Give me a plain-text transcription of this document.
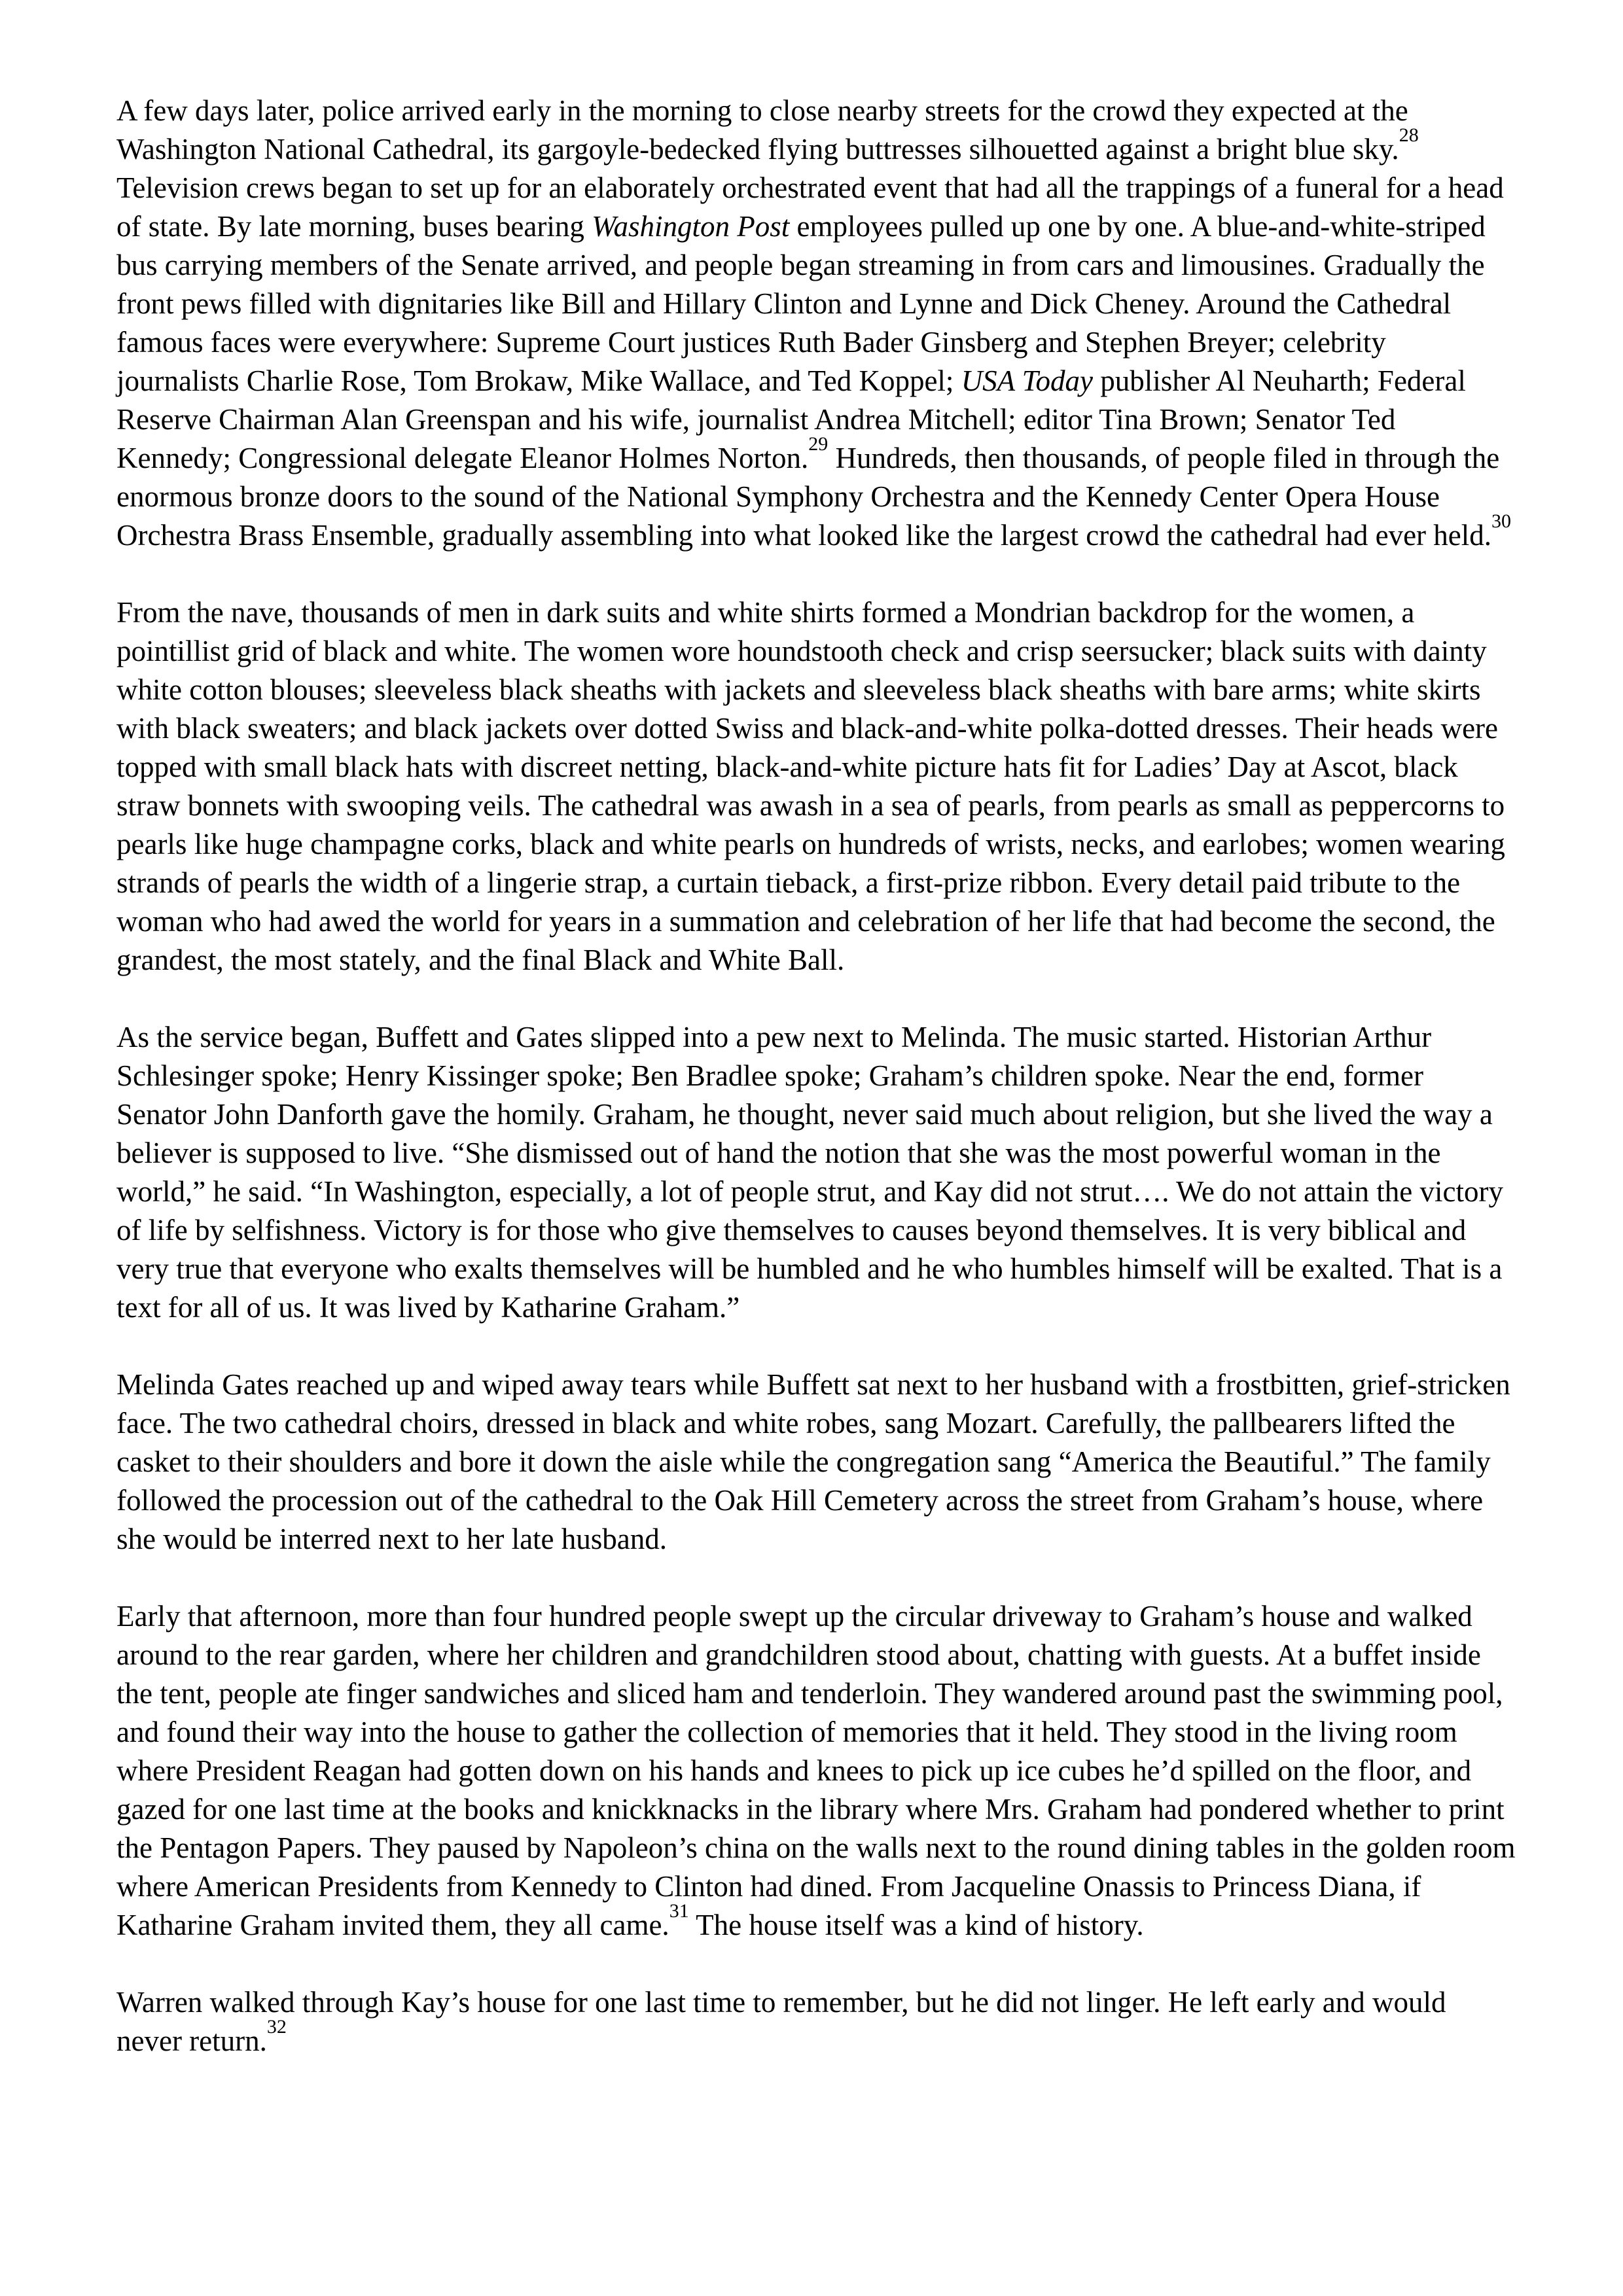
A few days later, police arrived early in the morning to close nearby streets for the crowd they expected at the Washington National Cathedral, its gargoyle-bedecked flying buttresses silhouetted against a bright blue sky.$^{28}$ Television crews began to set up for an elaborately orchestrated event that had all the trappings of a funeral for a head of state. By late morning, buses bearing Washington Post employees pulled up one by one. A blue-and-white-striped bus carrying members of the Senate arrived, and people began streaming in from cars and limousines. Gradually the front pews filled with dignitaries like Bill and Hillary Clinton and Lynne and Dick Cheney. Around the Cathedral famous faces were everywhere: Supreme Court justices Ruth Bader Ginsberg and Stephen Breyer; celebrity journalists Charlie Rose, Tom Brokaw, Mike Wallace, and Ted Koppel; USA Today publisher Al Neuharth; Federal Reserve Chairman Alan Greenspan and his wife, journalist Andrea Mitchell; editor Tina Brown; Senator Ted Kennedy; Congressional delegate Eleanor Holmes Norton.$^{29}$ Hundreds, then thousands, of people filed in through the enormous bronze doors to the sound of the National Symphony Orchestra and the Kennedy Center Opera House Orchestra Brass Ensemble, gradually assembling into what looked like the largest crowd the cathedral had ever held.$^{30}$

From the nave, thousands of men in dark suits and white shirts formed a Mondrian backdrop for the women, a pointillist grid of black and white. The women wore houndstooth check and crisp seersucker; black suits with dainty white cotton blouses; sleeveless black sheaths with jackets and sleeveless black sheaths with bare arms; white skirts with black sweaters; and black jackets over dotted Swiss and black-and-white polka-dotted dresses. Their heads were topped with small black hats with discreet netting, black-and-white picture hats fit for Ladies’ Day at Ascot, black straw bonnets with swooping veils. The cathedral was awash in a sea of pearls, from pearls as small as peppercorns to pearls like huge champagne corks, black and white pearls on hundreds of wrists, necks, and earlobes; women wearing strands of pearls the width of a lingerie strap, a curtain tieback, a first-prize ribbon. Every detail paid tribute to the woman who had awed the world for years in a summation and celebration of her life that had become the second, the grandest, the most stately, and the final Black and White Ball.

As the service began, Buffett and Gates slipped into a pew next to Melinda. The music started. Historian Arthur Schlesinger spoke; Henry Kissinger spoke; Ben Bradlee spoke; Graham’s children spoke. Near the end, former Senator John Danforth gave the homily. Graham, he thought, never said much about religion, but she lived the way a believer is supposed to live. “She dismissed out of hand the notion that she was the most powerful woman in the world,” he said. “In Washington, especially, a lot of people strut, and Kay did not strut…. We do not attain the victory of life by selfishness. Victory is for those who give themselves to causes beyond themselves. It is very biblical and very true that everyone who exalts themselves will be humbled and he who humbles himself will be exalted. That is a text for all of us. It was lived by Katharine Graham.”

Melinda Gates reached up and wiped away tears while Buffett sat next to her husband with a frostbitten, grief-stricken face. The two cathedral choirs, dressed in black and white robes, sang Mozart. Carefully, the pallbearers lifted the casket to their shoulders and bore it down the aisle while the congregation sang “America the Beautiful.” The family followed the procession out of the cathedral to the Oak Hill Cemetery across the street from Graham’s house, where she would be interred next to her late husband.

Early that afternoon, more than four hundred people swept up the circular driveway to Graham’s house and walked around to the rear garden, where her children and grandchildren stood about, chatting with guests. At a buffet inside the tent, people ate finger sandwiches and sliced ham and tenderloin. They wandered around past the swimming pool, and found their way into the house to gather the collection of memories that it held. They stood in the living room where President Reagan had gotten down on his hands and knees to pick up ice cubes he’d spilled on the floor, and gazed for one last time at the books and knickknacks in the library where Mrs. Graham had pondered whether to print the Pentagon Papers. They paused by Napoleon’s china on the walls next to the round dining tables in the golden room where American Presidents from Kennedy to Clinton had dined. From Jacqueline Onassis to Princess Diana, if Katharine Graham invited them, they all came.$^{31}$ The house itself was a kind of history.

Warren walked through Kay’s house for one last time to remember, but he did not linger. He left early and would never return.$^{32}$
